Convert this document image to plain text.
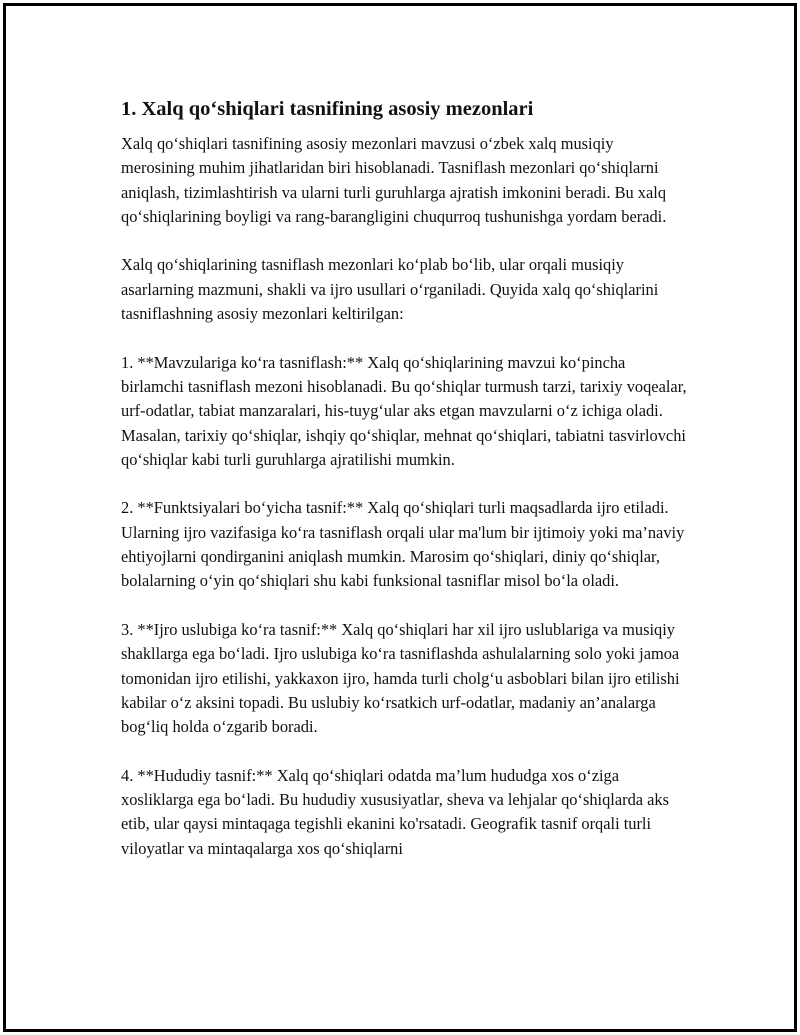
1. Xalq qo‘shiqlari tasnifining asosiy mezonlari

Xalq qo‘shiqlari tasnifining asosiy mezonlari mavzusi o‘zbek xalq musiqiy merosining muhim jihatlaridan biri hisoblanadi. Tasniflash mezonlari qo‘shiqlarni aniqlash, tizimlashtirish va ularni turli guruhlarga ajratish imkonini beradi. Bu xalq qo‘shiqlarining boyligi va rang-barangligini chuqurroq tushunishga yordam beradi.

Xalq qo‘shiqlarining tasniflash mezonlari ko‘plab bo‘lib, ular orqali musiqiy asarlarning mazmuni, shakli va ijro usullari o‘rganiladi. Quyida xalq qo‘shiqlarini tasniflashning asosiy mezonlari keltirilgan:

1. **Mavzulariga ko‘ra tasniflash:** Xalq qo‘shiqlarining mavzui ko‘pincha birlamchi tasniflash mezoni hisoblanadi. Bu qo‘shiqlar turmush tarzi, tarixiy voqealar, urf-odatlar, tabiat manzaralari, his-tuyg‘ular aks etgan mavzularni o‘z ichiga oladi. Masalan, tarixiy qo‘shiqlar, ishqiy qo‘shiqlar, mehnat qo‘shiqlari, tabiatni tasvirlovchi qo‘shiqlar kabi turli guruhlarga ajratilishi mumkin.

2. **Funktsiyalari bo‘yicha tasnif:** Xalq qo‘shiqlari turli maqsadlarda ijro etiladi. Ularning ijro vazifasiga ko‘ra tasniflash orqali ular ma'lum bir ijtimoiy yoki ma’naviy ehtiyojlarni qondirganini aniqlash mumkin. Marosim qo‘shiqlari, diniy qo‘shiqlar, bolalarning o‘yin qo‘shiqlari shu kabi funksional tasniflar misol bo‘la oladi.

3. **Ijro uslubiga ko‘ra tasnif:** Xalq qo‘shiqlari har xil ijro uslublariga va musiqiy shakllarga ega bo‘ladi. Ijro uslubiga ko‘ra tasniflashda ashulalarning solo yoki jamoa tomonidan ijro etilishi, yakkaxon ijro, hamda turli cholg‘u asboblari bilan ijro etilishi kabilar o‘z aksini topadi. Bu uslubiy ko‘rsatkich urf-odatlar, madaniy an’analarga bog‘liq holda o‘zgarib boradi.

4. **Hududiy tasnif:** Xalq qo‘shiqlari odatda ma’lum hududga xos o‘ziga xosliklarga ega bo‘ladi. Bu hududiy xususiyatlar, sheva va lehjalar qo‘shiqlarda aks etib, ular qaysi mintaqaga tegishli ekanini ko'rsatadi. Geografik tasnif orqali turli viloyatlar va mintaqalarga xos qo‘shiqlarni
